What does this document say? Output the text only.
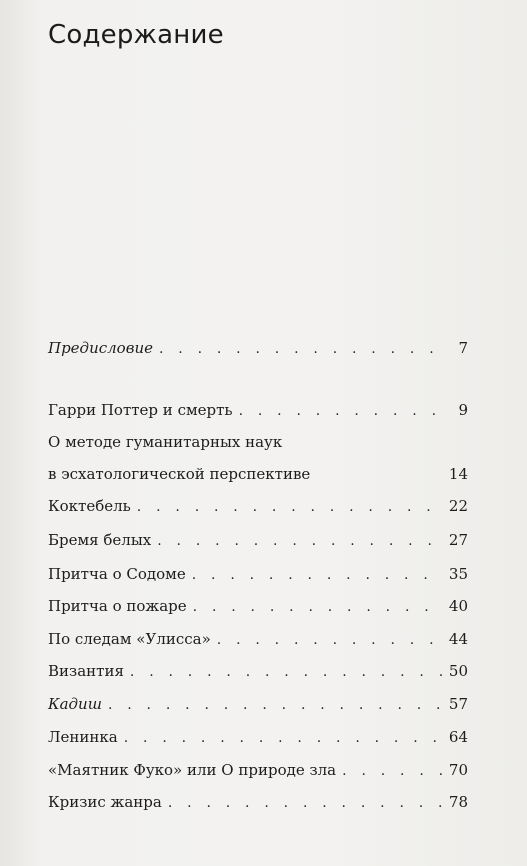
Содержание
Предисловие . . .	7
Гарри Поттер и смерть . . .	9
О методе гуманитарных наук
в эсхатологической перспективе	14
Коктебель . . .	22
Бремя белых . . .	27
Притча о Содоме . . .	35
Притча о пожаре . . .	40
По следам «Улисса» . . .	44
Византия . . .	50
Кадиш . . .	57
Ленинка . . .	64
«Маятник Фуко» или О природе зла . . .	70
Кризис жанра . . .	78
